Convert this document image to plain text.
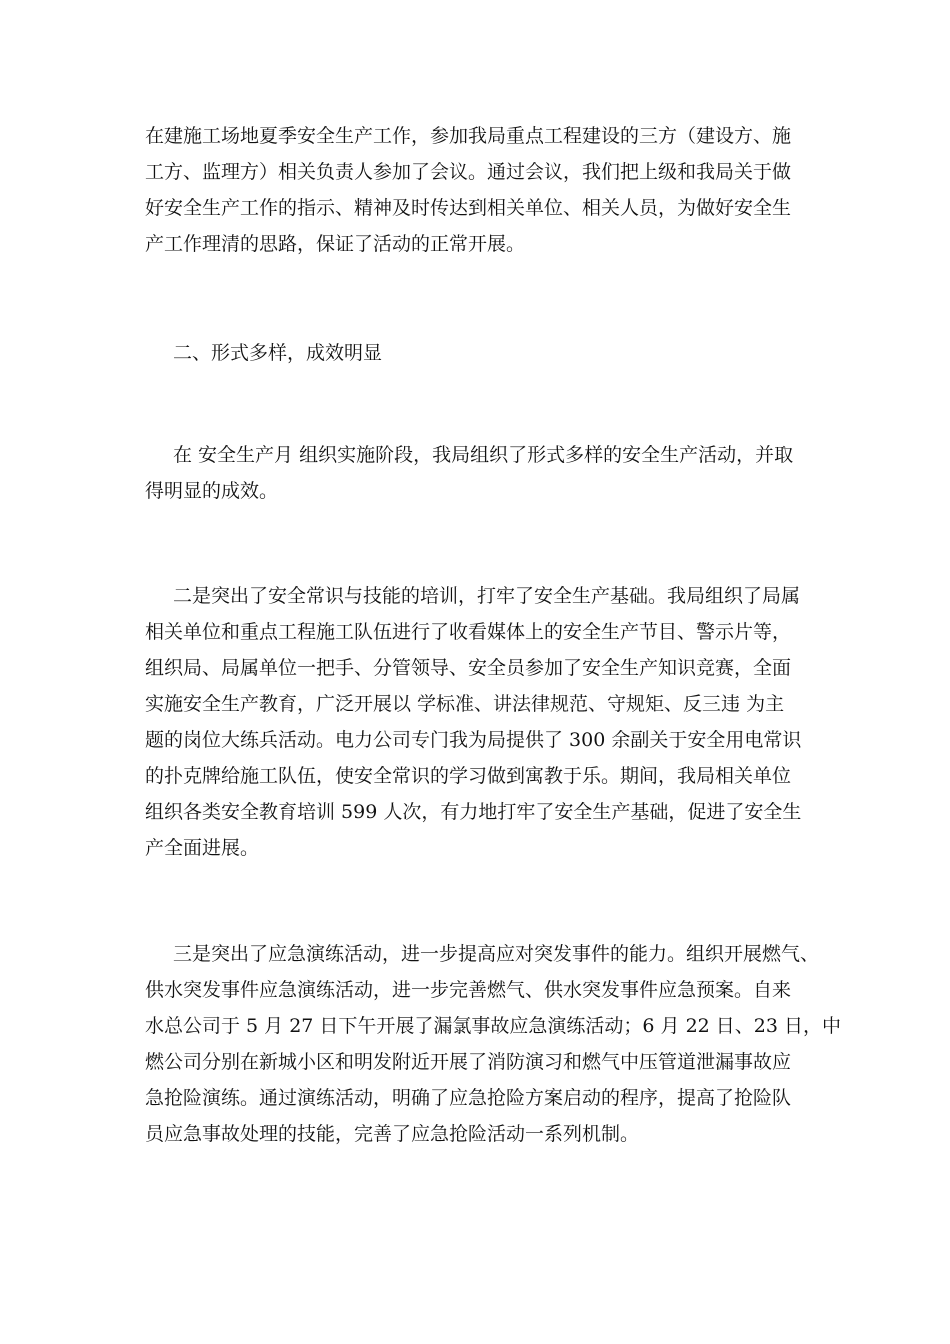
在建施工场地夏季安全生产工作，参加我局重点工程建设的三方（建设方、施
工方、监理方）相关负责人参加了会议。通过会议，我们把上级和我局关于做
好安全生产工作的指示、精神及时传达到相关单位、相关人员，为做好安全生
产工作理清的思路，保证了活动的正常开展。
二、形式多样，成效明显
在 安全生产月 组织实施阶段，我局组织了形式多样的安全生产活动，并取
得明显的成效。
二是突出了安全常识与技能的培训，打牢了安全生产基础。我局组织了局属
相关单位和重点工程施工队伍进行了收看媒体上的安全生产节目、警示片等，
组织局、局属单位一把手、分管领导、安全员参加了安全生产知识竞赛，全面
实施安全生产教育，广泛开展以 学标准、讲法律规范、守规矩、反三违 为主
题的岗位大练兵活动。电力公司专门我为局提供了 300 余副关于安全用电常识
的扑克牌给施工队伍，使安全常识的学习做到寓教于乐。期间，我局相关单位
组织各类安全教育培训 599 人次，有力地打牢了安全生产基础，促进了安全生
产全面进展。
三是突出了应急演练活动，进一步提高应对突发事件的能力。组织开展燃气、
供水突发事件应急演练活动，进一步完善燃气、供水突发事件应急预案。自来
水总公司于 5 月 27 日下午开展了漏氯事故应急演练活动；6 月 22 日、23 日，中
燃公司分别在新城小区和明发附近开展了消防演习和燃气中压管道泄漏事故应
急抢险演练。通过演练活动，明确了应急抢险方案启动的程序，提高了抢险队
员应急事故处理的技能，完善了应急抢险活动一系列机制。
